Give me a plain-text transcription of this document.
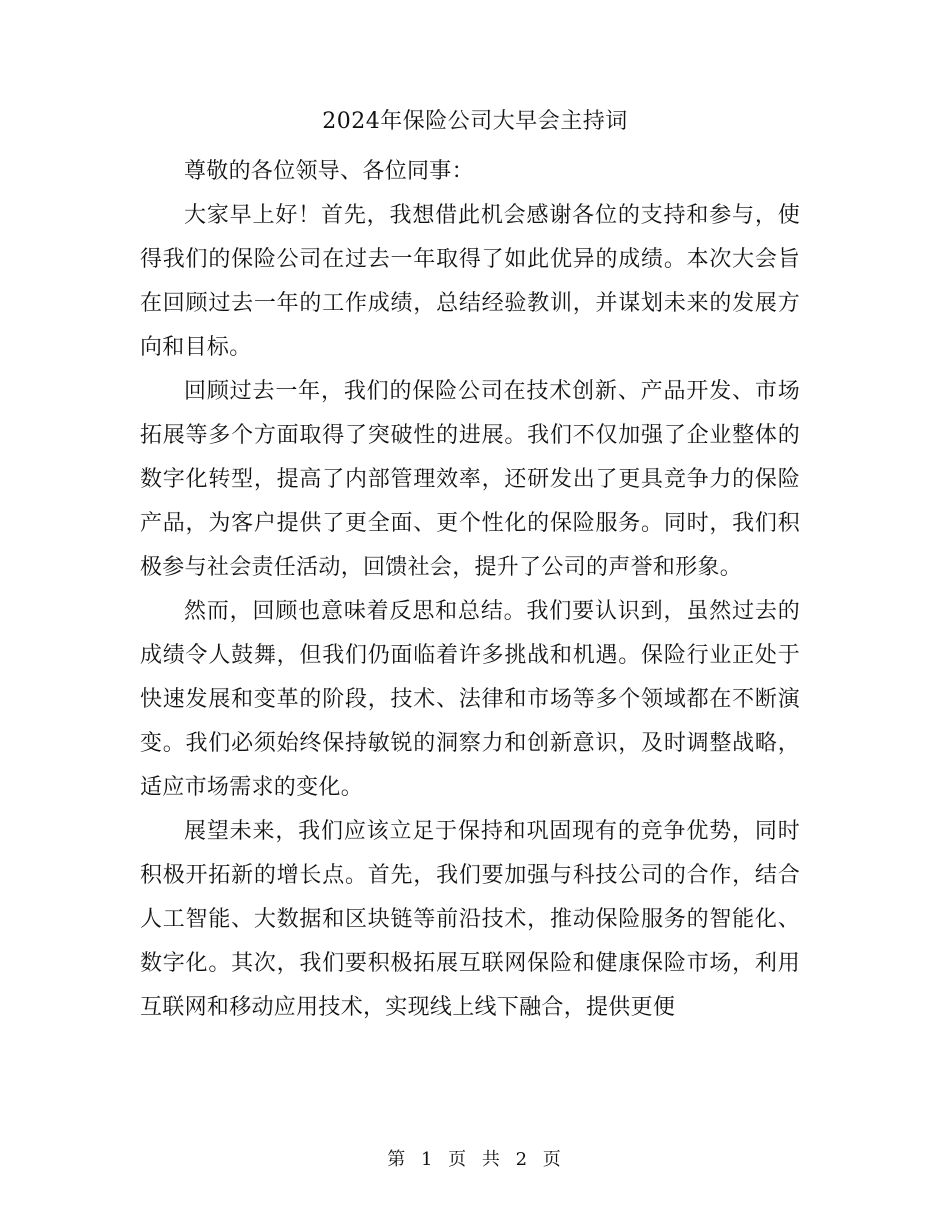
2024年保险公司大早会主持词

尊敬的各位领导、各位同事：

大家早上好！首先，我想借此机会感谢各位的支持和参与，使得我们的保险公司在过去一年取得了如此优异的成绩。本次大会旨在回顾过去一年的工作成绩，总结经验教训，并谋划未来的发展方向和目标。

回顾过去一年，我们的保险公司在技术创新、产品开发、市场拓展等多个方面取得了突破性的进展。我们不仅加强了企业整体的数字化转型，提高了内部管理效率，还研发出了更具竞争力的保险产品，为客户提供了更全面、更个性化的保险服务。同时，我们积极参与社会责任活动，回馈社会，提升了公司的声誉和形象。

然而，回顾也意味着反思和总结。我们要认识到，虽然过去的成绩令人鼓舞，但我们仍面临着许多挑战和机遇。保险行业正处于快速发展和变革的阶段，技术、法律和市场等多个领域都在不断演变。我们必须始终保持敏锐的洞察力和创新意识，及时调整战略，适应市场需求的变化。

展望未来，我们应该立足于保持和巩固现有的竞争优势，同时积极开拓新的增长点。首先，我们要加强与科技公司的合作，结合人工智能、大数据和区块链等前沿技术，推动保险服务的智能化、数字化。其次，我们要积极拓展互联网保险和健康保险市场，利用互联网和移动应用技术，实现线上线下融合，提供更便

第 1 页 共 2 页
